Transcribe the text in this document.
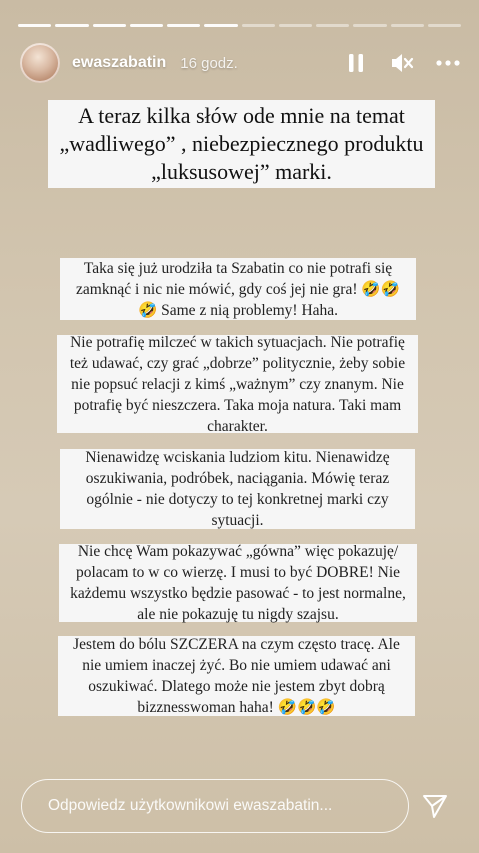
ewaszabatin 16 godz.
A teraz kilka słów ode mnie na temat „wadliwego” , niebezpiecznego produktu „luksusowej” marki.
Taka się już urodziła ta Szabatin co nie potrafi się zamknąć i nic nie mówić, gdy coś jej nie gra! 🤣🤣🤣 Same z nią problemy! Haha.
Nie potrafię milczeć w takich sytuacjach. Nie potrafię też udawać, czy grać „dobrze” politycznie, żeby sobie nie popsuć relacji z kimś „ważnym” czy znanym. Nie potrafię być nieszczera. Taka moja natura. Taki mam charakter.
Nienawidzę wciskania ludziom kitu. Nienawidzę oszukiwania, podróbek, naciągania. Mówię teraz ogólnie - nie dotyczy to tej konkretnej marki czy sytuacji.
Nie chcę Wam pokazywać „gówna” więc pokazuję/ polacam to w co wierzę. I musi to być DOBRE! Nie każdemu wszystko będzie pasować - to jest normalne, ale nie pokazuję tu nigdy szajsu.
Jestem do bólu SZCZERA na czym często tracę. Ale nie umiem inaczej żyć. Bo nie umiem udawać ani oszukiwać. Dlatego może nie jestem zbyt dobrą bizznesswoman haha! 🤣🤣🤣
Odpowiedz użytkownikowi ewaszabatin...
